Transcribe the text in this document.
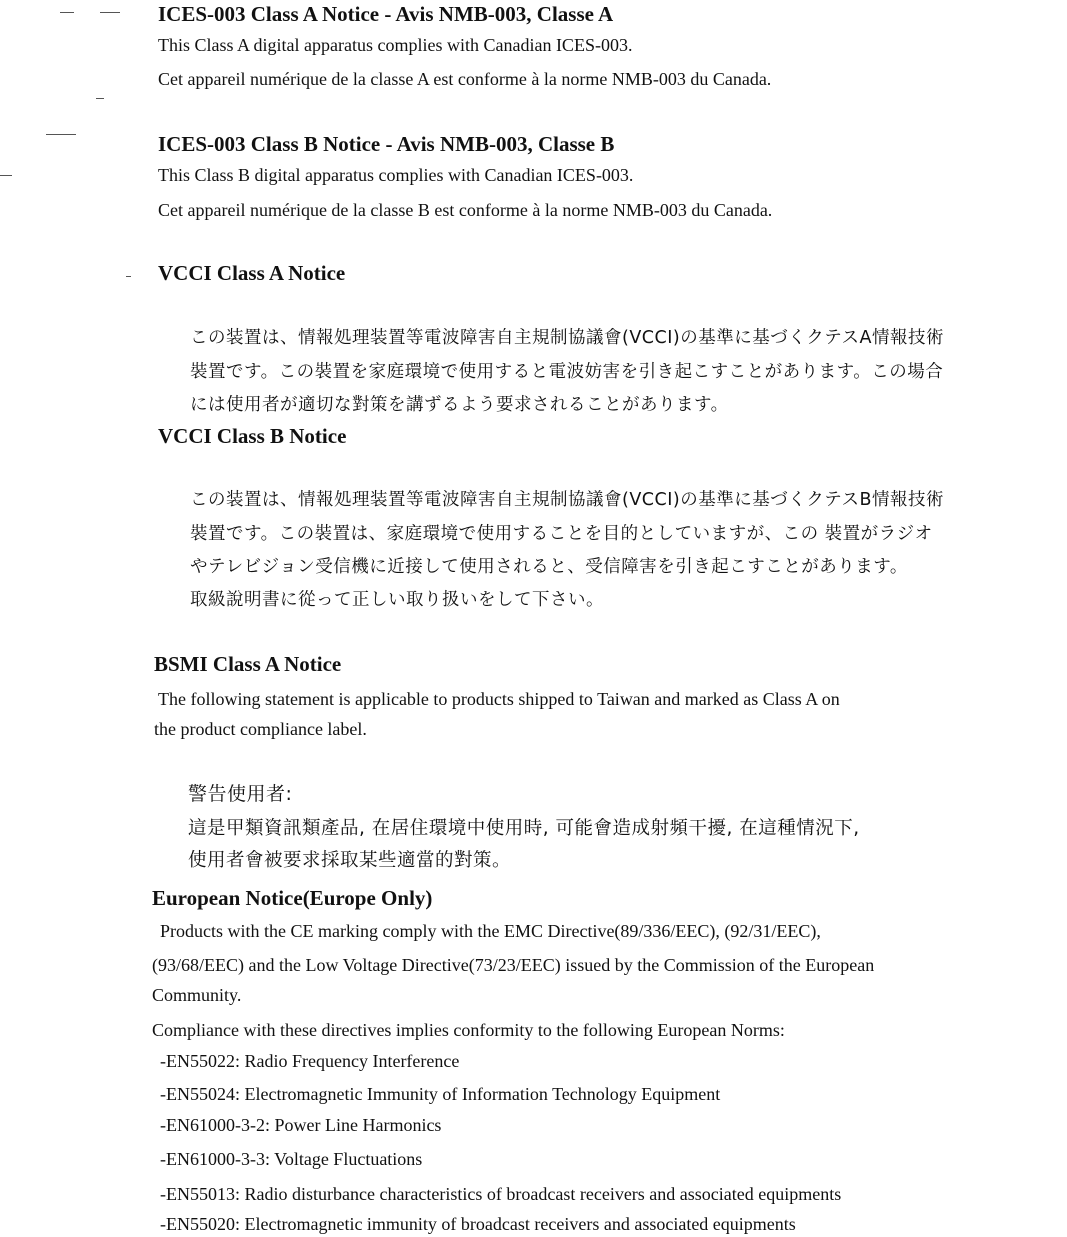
ICES-003 Class A Notice - Avis NMB-003, Classe A
This Class A digital apparatus complies with Canadian ICES-003.
Cet appareil numérique de la classe A est conforme à la norme NMB-003 du Canada.
ICES-003 Class B Notice - Avis NMB-003, Classe B
This Class B digital apparatus complies with Canadian ICES-003.
Cet appareil numérique de la classe B est conforme à la norme NMB-003 du Canada.
VCCI Class A Notice
この装置は、情報処理装置等電波障害自主規制協議會(VCCI)の基準に基づくクテスA情報技術
裝置です。この裝置を家庭環境で使用すると電波妨害を引き起こすことがあります。この場合
には使用者が適切な對策を講ずるよう要求されることがあります。
VCCI Class B Notice
この装置は、情報処理装置等電波障害自主規制協議會(VCCI)の基準に基づくクテスB情報技術
裝置です。この裝置は、家庭環境で使用することを目的としていますが、この 裝置がラジオ
やテレビジョン受信機に近接して使用されると、受信障害を引き起こすことがあります。
取級說明書に從って正しい取り扱いをして下さい。
BSMI Class A Notice
The following statement is applicable to products shipped to Taiwan and marked as Class A on
the product compliance label.
警告使用者:
這是甲類資訊類產品, 在居住環境中使用時, 可能會造成射頻干擾, 在這種情況下,
使用者會被要求採取某些適當的對策。
European Notice(Europe Only)
Products with the CE marking comply with the EMC Directive(89/336/EEC), (92/31/EEC),
(93/68/EEC) and the Low Voltage Directive(73/23/EEC) issued by the Commission of the European
Community.
Compliance with these directives implies conformity to the following European Norms:
-EN55022: Radio Frequency Interference
-EN55024: Electromagnetic Immunity of Information Technology Equipment
-EN61000-3-2: Power Line Harmonics
-EN61000-3-3: Voltage Fluctuations
-EN55013: Radio disturbance characteristics of broadcast receivers and associated equipments
-EN55020: Electromagnetic immunity of broadcast receivers and associated equipments
